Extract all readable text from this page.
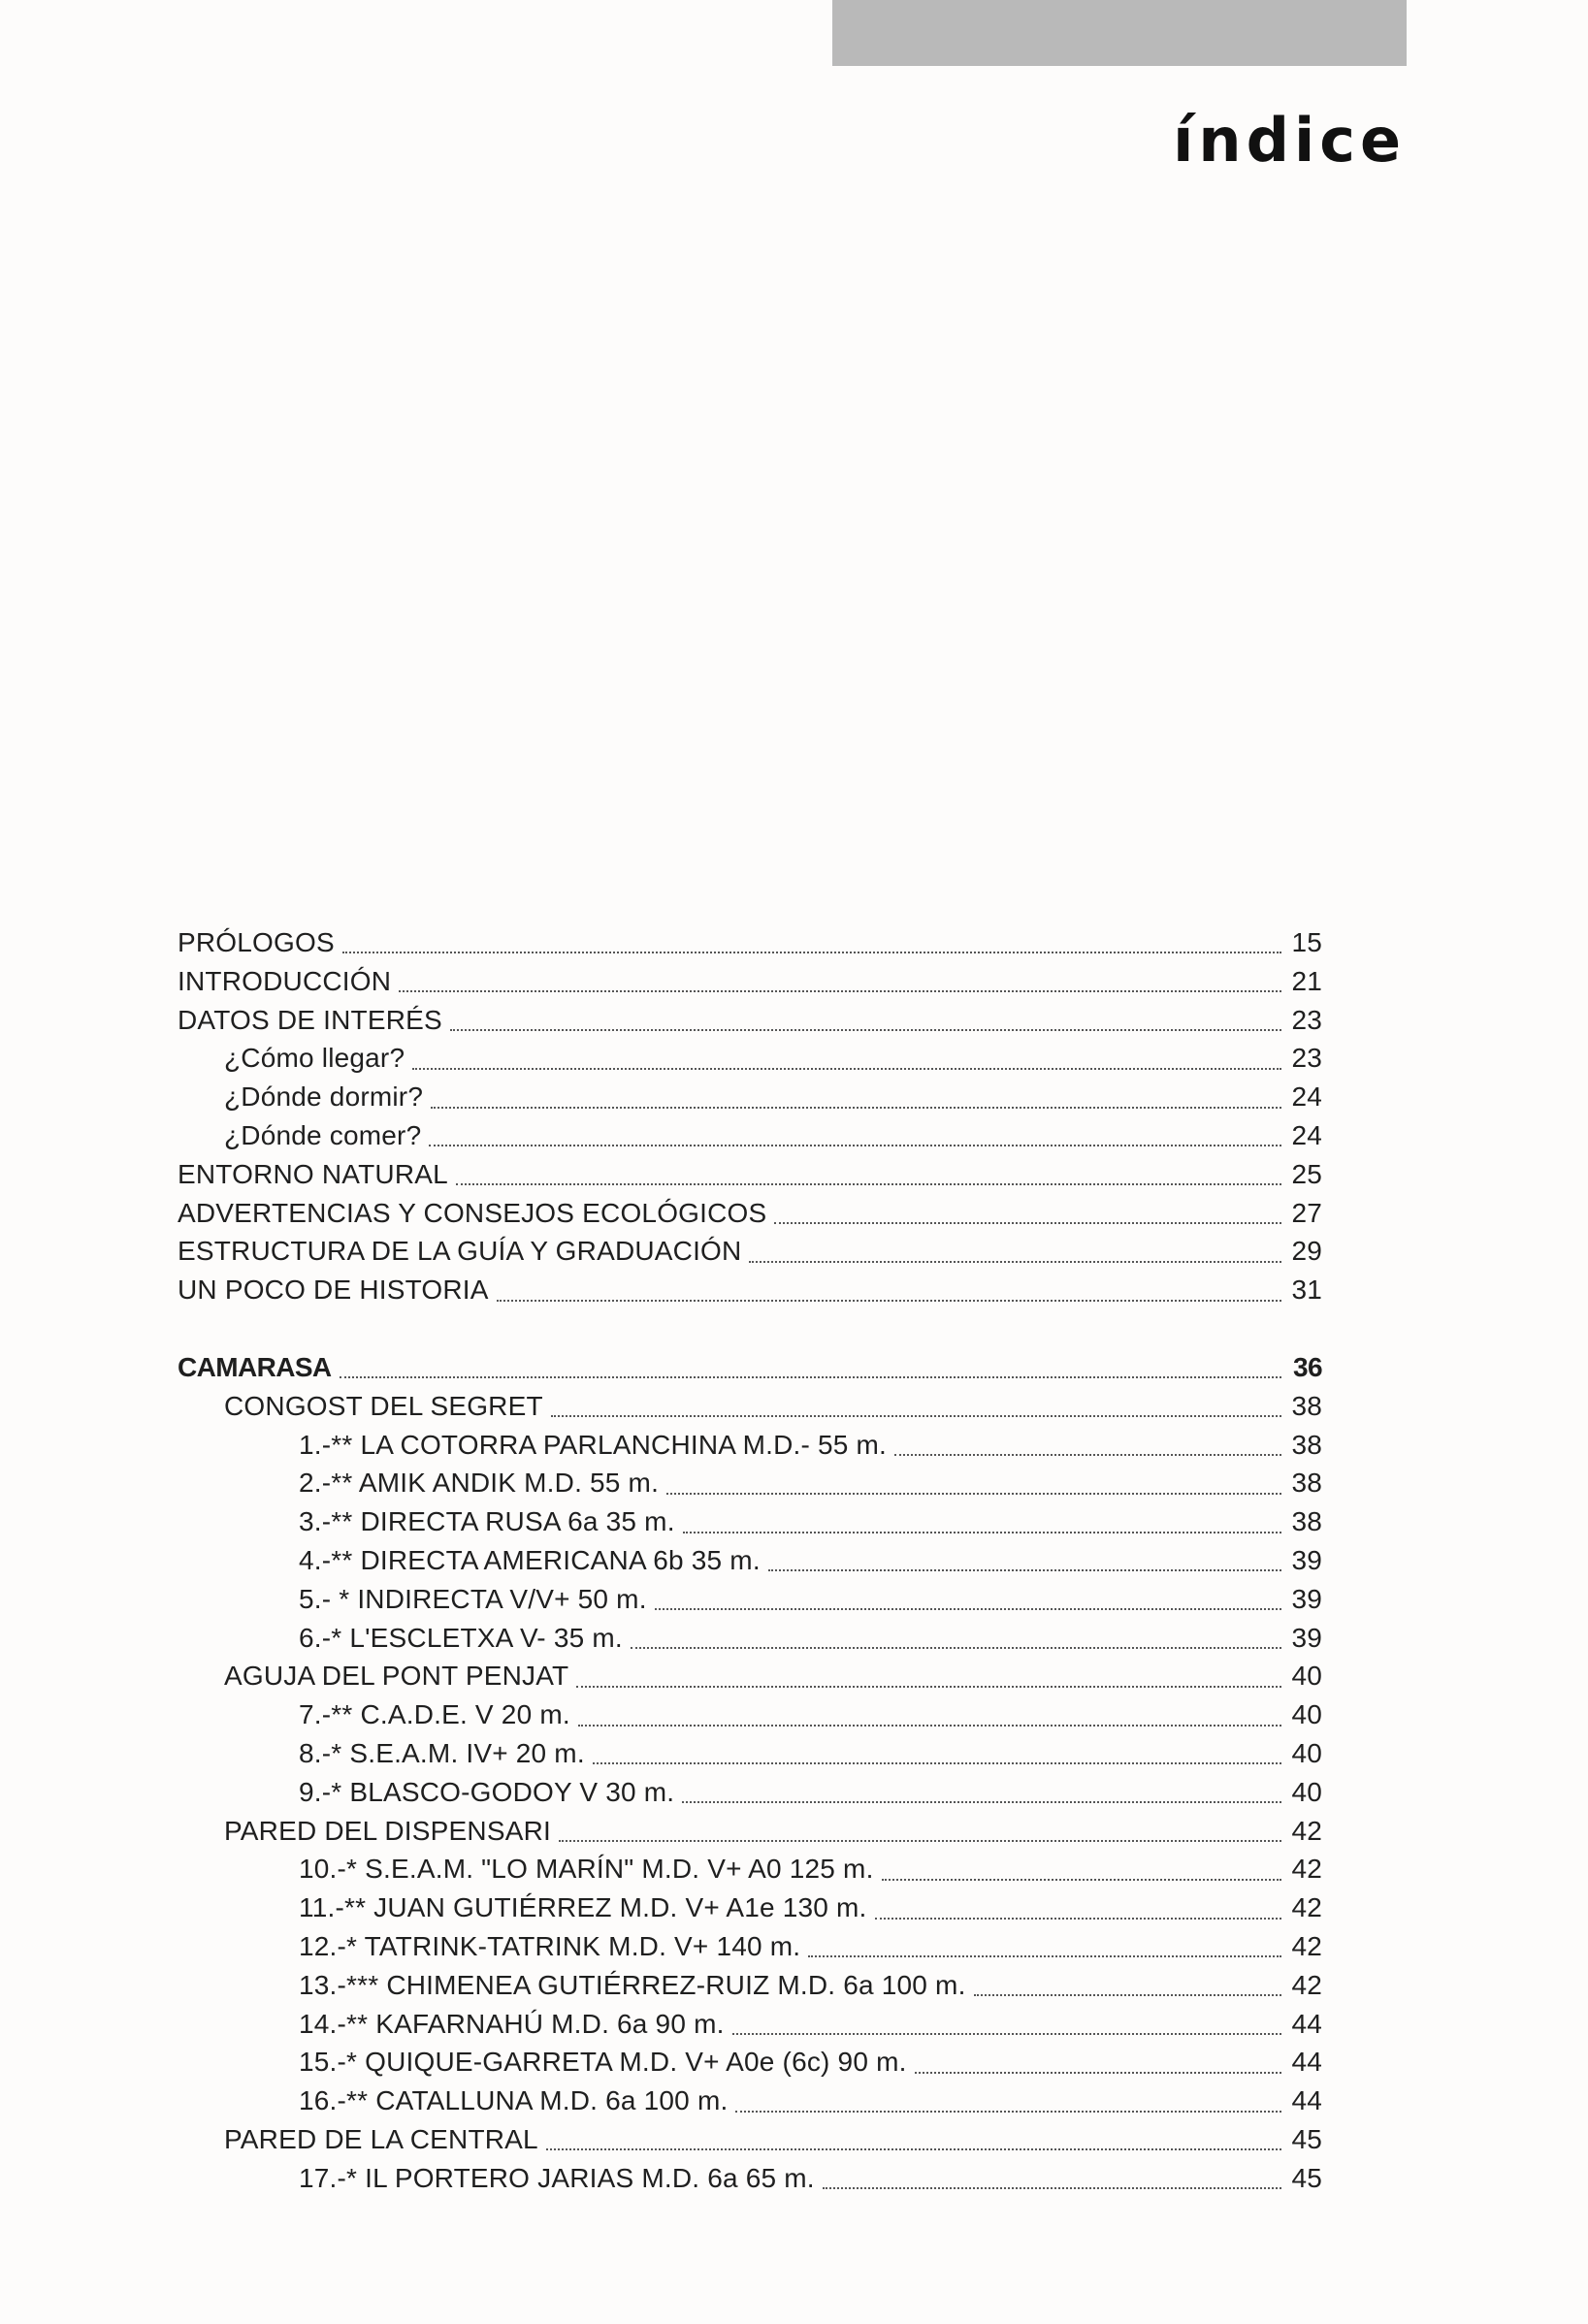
índice
PRÓLOGOS	15
INTRODUCCIÓN	21
DATOS DE INTERÉS	23
¿Cómo llegar?	23
¿Dónde dormir?	24
¿Dónde comer?	24
ENTORNO NATURAL	25
ADVERTENCIAS Y CONSEJOS ECOLÓGICOS	27
ESTRUCTURA DE LA GUÍA Y GRADUACIÓN	29
UN POCO DE HISTORIA	31
CAMARASA	36
CONGOST DEL SEGRET	38
1.-** LA COTORRA PARLANCHINA M.D.- 55 m.	38
2.-** AMIK ANDIK M.D. 55 m.	38
3.-** DIRECTA RUSA 6a 35 m.	38
4.-** DIRECTA AMERICANA 6b 35 m.	39
5.- * INDIRECTA V/V+ 50 m.	39
6.-* L'ESCLETXA V- 35 m.	39
AGUJA DEL PONT PENJAT	40
7.-** C.A.D.E. V 20 m.	40
8.-* S.E.A.M. IV+ 20 m.	40
9.-* BLASCO-GODOY V 30 m.	40
PARED DEL DISPENSARI	42
10.-* S.E.A.M. "LO MARÍN" M.D. V+ A0 125 m.	42
11.-** JUAN GUTIÉRREZ M.D. V+ A1e 130 m.	42
12.-* TATRINK-TATRINK M.D. V+ 140 m.	42
13.-*** CHIMENEA GUTIÉRREZ-RUIZ M.D. 6a 100 m.	42
14.-** KAFARNAHÚ M.D. 6a 90 m.	44
15.-* QUIQUE-GARRETA M.D. V+ A0e (6c) 90 m.	44
16.-** CATALLUNA M.D. 6a 100 m.	44
PARED DE LA CENTRAL	45
17.-* IL PORTERO JARIAS M.D. 6a 65 m.	45
